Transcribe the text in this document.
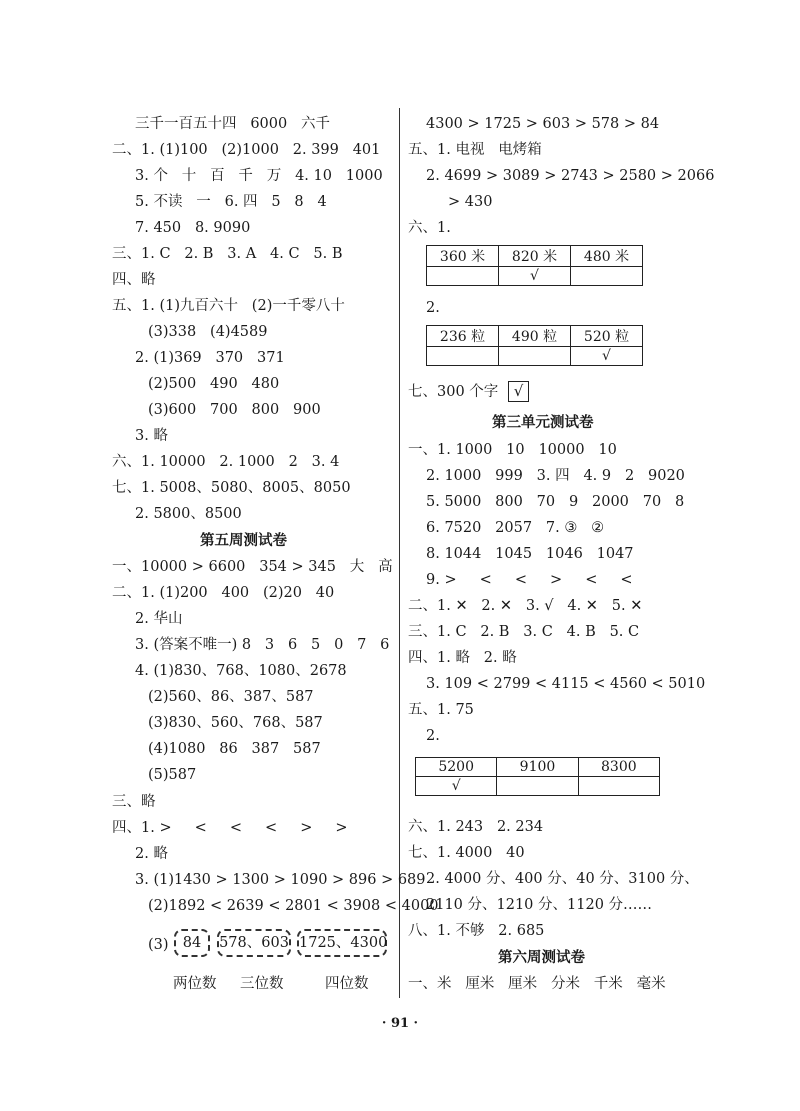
三千一百五十四   6000   六千
二、1. (1)100   (2)1000   2. 399   401
3. 个   十   百   千   万   4. 10   1000
5. 不读   一   6. 四   5   8   4
7. 450   8. 9090
三、1. C   2. B   3. A   4. C   5. B
四、略
五、1. (1)九百六十   (2)一千零八十
(3)338   (4)4589
2. (1)369   370   371
(2)500   490   480
(3)600   700   800   900
3. 略
六、1. 10000   2. 1000   2   3. 4
七、1. 5008、5080、8005、8050
2. 5800、8500
第五周测试卷
一、10000 > 6600   354 > 345   大   高
二、1. (1)200   400   (2)20   40
2. 华山
3. (答案不唯一) 8   3   6   5   0   7   6
4. (1)830、768、1080、2678
(2)560、86、387、587
(3)830、560、768、587
(4)1080   86   387   587
(5)587
三、略
四、1. >     <     <     <     >     >
2. 略
3. (1)1430 > 1300 > 1090 > 896 > 689
(2)1892 < 2639 < 2801 < 3908 < 4000
(3) 84	578、603 1725、4300
两位数 三位数	四位数
4300 > 1725 > 603 > 578 > 84
五、1. 电视   电烤箱
2. 4699 > 3089 > 2743 > 2580 > 2066
> 430
六、1.
360 米	820 米	480 米
	√	
2.
236 粒	490 粒	520 粒
		√
七、300 个字	√
第三单元测试卷
一、1. 1000   10   10000   10
2. 1000   999   3. 四   4. 9   2   9020
5. 5000   800   70   9   2000   70   8
6. 7520   2057   7. ③   ②
8. 1044   1045   1046   1047
9. >     <     <     >     <     <
二、1. ✕   2. ✕   3. √   4. ✕   5. ✕
三、1. C   2. B   3. C   4. B   5. C
四、1. 略   2. 略
3. 109 < 2799 < 4115 < 4560 < 5010
五、1. 75
2.
5200	9100	8300
√		
六、1. 243   2. 234
七、1. 4000   40
2. 4000 分、400 分、40 分、3100 分、
2110 分、1210 分、1120 分……
八、1. 不够   2. 685
第六周测试卷
一、米   厘米   厘米   分米   千米   毫米
· 91 ·
